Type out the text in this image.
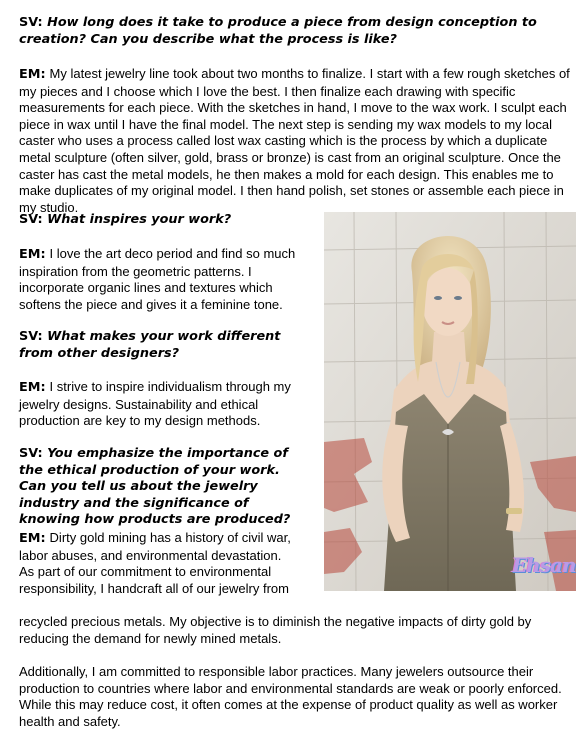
SV: How long does it take to produce a piece from design conception to creation? Can you describe what the process is like?

EM: My latest jewelry line took about two months to finalize. I start with a few rough sketches of my pieces and I choose which I love the best. I then finalize each drawing with specific measurements for each piece. With the sketches in hand, I move to the wax work. I sculpt each piece in wax until I have the final model. The next step is sending my wax models to my local caster who uses a process called lost wax casting which is the process by which a duplicate metal sculpture (often silver, gold, brass or bronze) is cast from an original sculpture. Once the caster has cast the metal models, he then makes a mold for each design. This enables me to make duplicates of my original model. I then hand polish, set stones or assemble each piece in my studio.

SV: What inspires your work?

EM: I love the art deco period and find so much inspiration from the geometric patterns. I incorporate organic lines and textures which softens the piece and gives it a feminine tone.

SV: What makes your work different from other designers?

EM: I strive to inspire individualism through my jewelry designs. Sustainability and ethical production are key to my design methods.

SV: You emphasize the importance of the ethical production of your work. Can you tell us about the jewelry industry and the significance of knowing how products are produced?

EM: Dirty gold mining has a history of civil war, labor abuses, and environmental devastation. As part of our commitment to environmental responsibility, I handcraft all of our jewelry from

recycled precious metals. My objective is to diminish the negative impacts of dirty gold by reducing the demand for newly mined metals.

Additionally, I am committed to responsible labor practices. Many jewelers outsource their production to countries where labor and environmental standards are weak or poorly enforced. While this may reduce cost, it often comes at the expense of product quality as well as worker health and safety.

Ehsan
